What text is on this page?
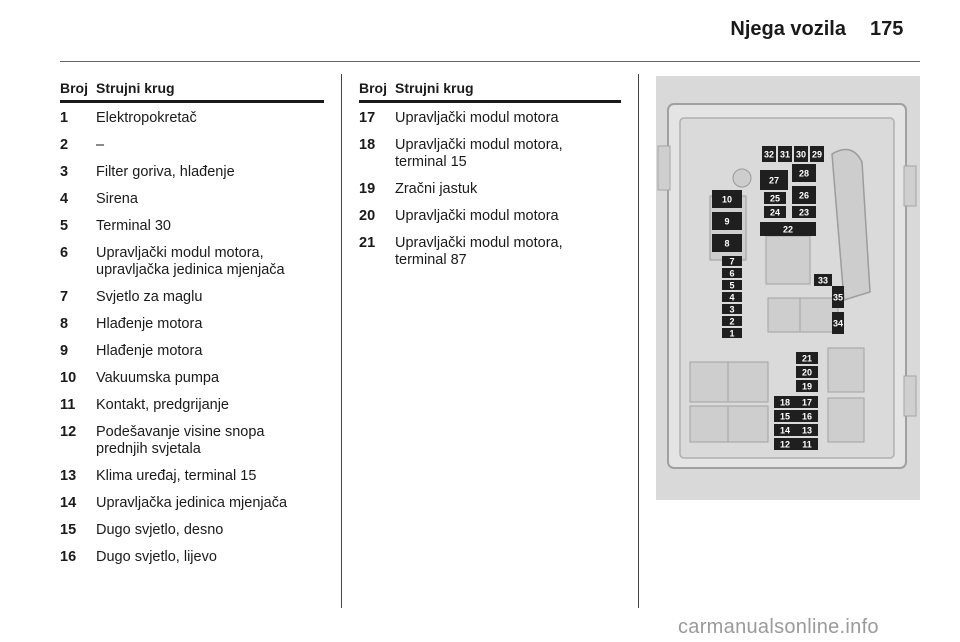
Njega vozila 175
Broj Strujni krug
1	Elektropokretač
2	–
3	Filter goriva, hlađenje
4	Sirena
5	Terminal 30
6	Upravljački modul motora,
upravljačka jedinica mjenjača
7	Svjetlo za maglu
8	Hlađenje motora
9	Hlađenje motora
10	Vakuumska pumpa
11	Kontakt, predgrijanje
12	Podešavanje visine snopa
prednjih svjetala
13	Klima uređaj, terminal 15
14	Upravljačka jedinica mjenjača
15	Dugo svjetlo, desno
16	Dugo svjetlo, lijevo
Broj Strujni krug
17	Upravljački modul motora
18	Upravljački modul motora,
terminal 15
19	Zračni jastuk
20	Upravljački modul motora
21	Upravljački modul motora,
terminal 87
32 31 30 29
28
27
26
25
24 23
22
10
9
8
7
6
5
4
3
2
1
33
35
34
21
20
19
18 17
16
15
14 13
12 11
carmanualsonline.info
